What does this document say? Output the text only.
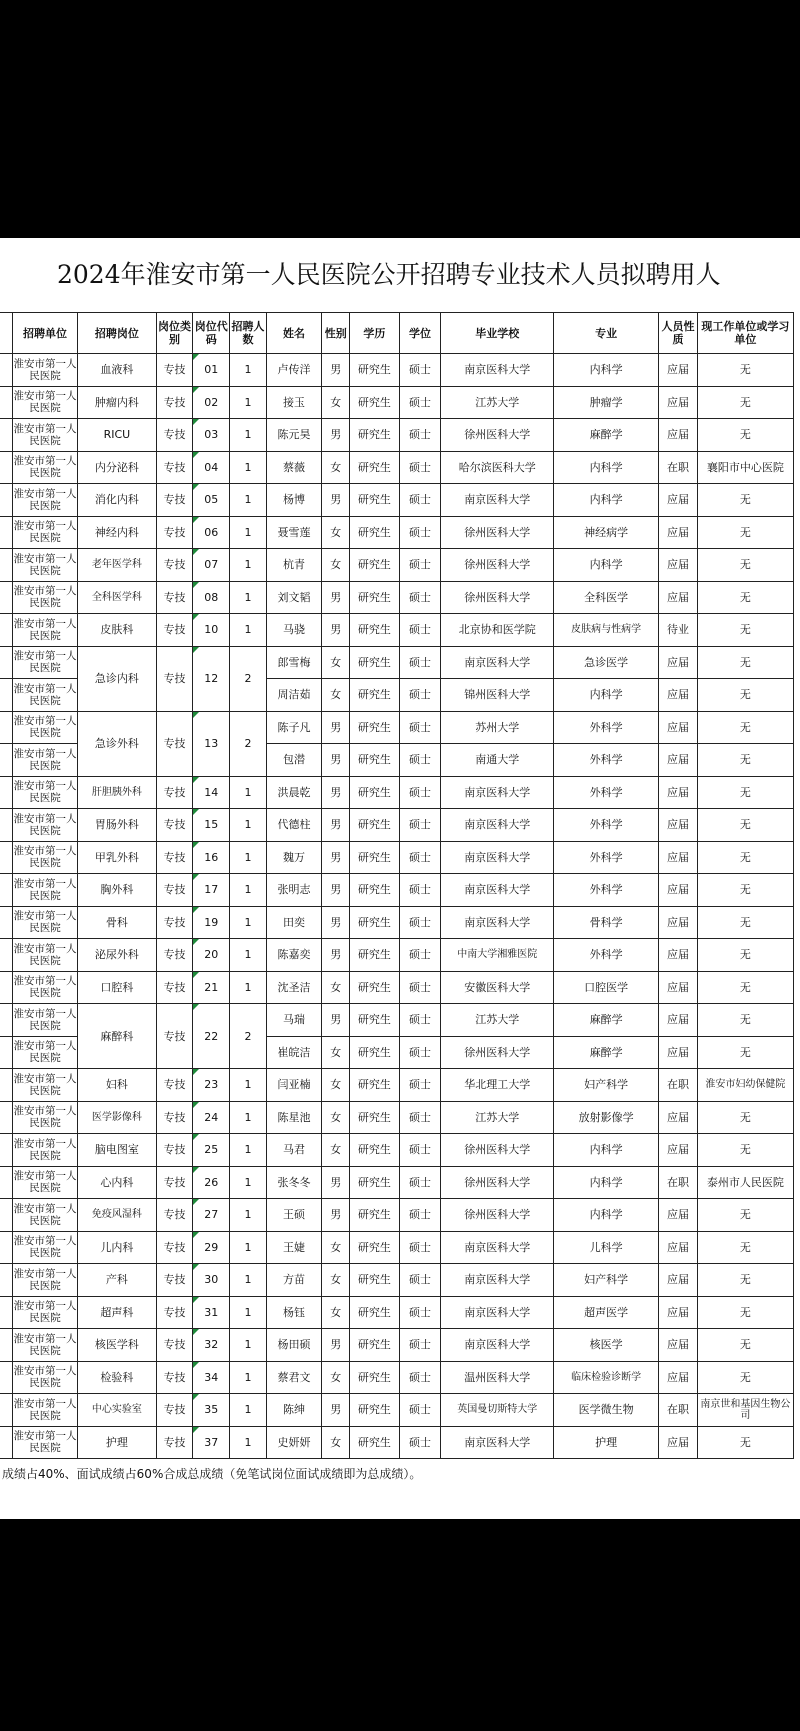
2024年淮安市第一人民医院公开招聘专业技术人员拟聘用人
	招聘单位	招聘岗位	岗位类别	岗位代码	招聘人数	姓名	性别	学历	学位	毕业学校	专业	人员性质	现工作单位或学习单位
	淮安市第一人民医院	血液科	专技	01	1	卢传洋	男	研究生	硕士	南京医科大学	内科学	应届	无
	淮安市第一人民医院	肿瘤内科	专技	02	1	接玉	女	研究生	硕士	江苏大学	肿瘤学	应届	无
	淮安市第一人民医院	RICU	专技	03	1	陈元昊	男	研究生	硕士	徐州医科大学	麻醉学	应届	无
	淮安市第一人民医院	内分泌科	专技	04	1	蔡薇	女	研究生	硕士	哈尔滨医科大学	内科学	在职	襄阳市中心医院
	淮安市第一人民医院	消化内科	专技	05	1	杨博	男	研究生	硕士	南京医科大学	内科学	应届	无
	淮安市第一人民医院	神经内科	专技	06	1	聂雪莲	女	研究生	硕士	徐州医科大学	神经病学	应届	无
	淮安市第一人民医院	老年医学科	专技	07	1	杭青	女	研究生	硕士	徐州医科大学	内科学	应届	无
	淮安市第一人民医院	全科医学科	专技	08	1	刘文韬	男	研究生	硕士	徐州医科大学	全科医学	应届	无
	淮安市第一人民医院	皮肤科	专技	10	1	马骁	男	研究生	硕士	北京协和医学院	皮肤病与性病学	待业	无
	淮安市第一人民医院	急诊内科	专技	12	2	郎雪梅	女	研究生	硕士	南京医科大学	急诊医学	应届	无
	淮安市第一人民医院					周洁茹	女	研究生	硕士	锦州医科大学	内科学	应届	无
	淮安市第一人民医院	急诊外科	专技	13	2	陈子凡	男	研究生	硕士	苏州大学	外科学	应届	无
	淮安市第一人民医院					包潜	男	研究生	硕士	南通大学	外科学	应届	无
	淮安市第一人民医院	肝胆胰外科	专技	14	1	洪晨乾	男	研究生	硕士	南京医科大学	外科学	应届	无
	淮安市第一人民医院	胃肠外科	专技	15	1	代德柱	男	研究生	硕士	南京医科大学	外科学	应届	无
	淮安市第一人民医院	甲乳外科	专技	16	1	魏万	男	研究生	硕士	南京医科大学	外科学	应届	无
	淮安市第一人民医院	胸外科	专技	17	1	张明志	男	研究生	硕士	南京医科大学	外科学	应届	无
	淮安市第一人民医院	骨科	专技	19	1	田奕	男	研究生	硕士	南京医科大学	骨科学	应届	无
	淮安市第一人民医院	泌尿外科	专技	20	1	陈嘉奕	男	研究生	硕士	中南大学湘雅医院	外科学	应届	无
	淮安市第一人民医院	口腔科	专技	21	1	沈圣洁	女	研究生	硕士	安徽医科大学	口腔医学	应届	无
	淮安市第一人民医院	麻醉科	专技	22	2	马瑞	男	研究生	硕士	江苏大学	麻醉学	应届	无
	淮安市第一人民医院					崔皖洁	女	研究生	硕士	徐州医科大学	麻醉学	应届	无
	淮安市第一人民医院	妇科	专技	23	1	闫亚楠	女	研究生	硕士	华北理工大学	妇产科学	在职	淮安市妇幼保健院
	淮安市第一人民医院	医学影像科	专技	24	1	陈星池	女	研究生	硕士	江苏大学	放射影像学	应届	无
	淮安市第一人民医院	脑电图室	专技	25	1	马君	女	研究生	硕士	徐州医科大学	内科学	应届	无
	淮安市第一人民医院	心内科	专技	26	1	张冬冬	男	研究生	硕士	徐州医科大学	内科学	在职	泰州市人民医院
	淮安市第一人民医院	免疫风湿科	专技	27	1	王硕	男	研究生	硕士	徐州医科大学	内科学	应届	无
	淮安市第一人民医院	儿内科	专技	29	1	王婕	女	研究生	硕士	南京医科大学	儿科学	应届	无
	淮安市第一人民医院	产科	专技	30	1	方苗	女	研究生	硕士	南京医科大学	妇产科学	应届	无
	淮安市第一人民医院	超声科	专技	31	1	杨钰	女	研究生	硕士	南京医科大学	超声医学	应届	无
	淮安市第一人民医院	核医学科	专技	32	1	杨田硕	男	研究生	硕士	南京医科大学	核医学	应届	无
	淮安市第一人民医院	检验科	专技	34	1	蔡君文	女	研究生	硕士	温州医科大学	临床检验诊断学	应届	无
	淮安市第一人民医院	中心实验室	专技	35	1	陈绅	男	研究生	硕士	英国曼切斯特大学	医学微生物	在职	南京世和基因生物公司
	淮安市第一人民医院	护理	专技	37	1	史妍妍	女	研究生	硕士	南京医科大学	护理	应届	无
成绩占40%、面试成绩占60%合成总成绩（免笔试岗位面试成绩即为总成绩）。
